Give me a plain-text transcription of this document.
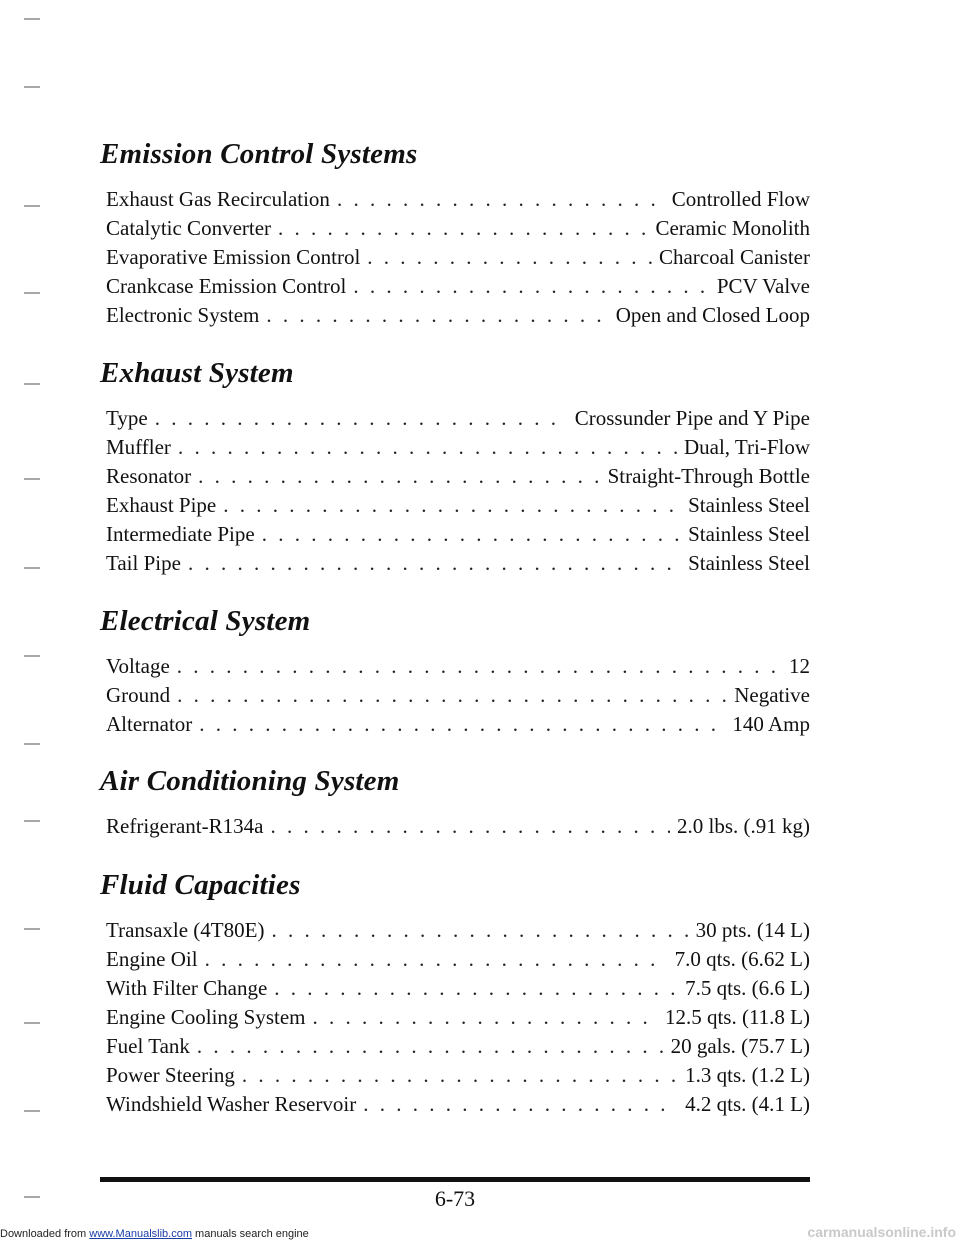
Emission Control Systems
Exhaust Gas Recirculation . . .	Controlled Flow
Catalytic Converter . . .	Ceramic Monolith
Evaporative Emission Control . . .	Charcoal Canister
Crankcase Emission Control . . .	PCV Valve
Electronic System . . .	Open and Closed Loop
Exhaust System
Type . . .	Crossunder Pipe and Y Pipe
Muffler . . .	Dual, Tri-Flow
Resonator . . .	Straight-Through Bottle
Exhaust Pipe . . .	Stainless Steel
Intermediate Pipe . . .	Stainless Steel
Tail Pipe . . .	Stainless Steel
Electrical System
Voltage . . .	12
Ground . . .	Negative
Alternator . . .	140 Amp
Air Conditioning System
Refrigerant-R134a . . .	2.0 lbs. (.91 kg)
Fluid Capacities
Transaxle (4T80E) . . .	30 pts. (14 L)
Engine Oil . . .	7.0 qts. (6.62 L)
With Filter Change . . .	7.5 qts. (6.6 L)
Engine Cooling System . . .	12.5 qts. (11.8 L)
Fuel Tank . . .	20 gals. (75.7 L)
Power Steering . . .	1.3 qts. (1.2 L)
Windshield Washer Reservoir . . .	4.2 qts. (4.1 L)
6-73
Downloaded from www.Manualslib.com manuals search engine	carmanualsonline.info
